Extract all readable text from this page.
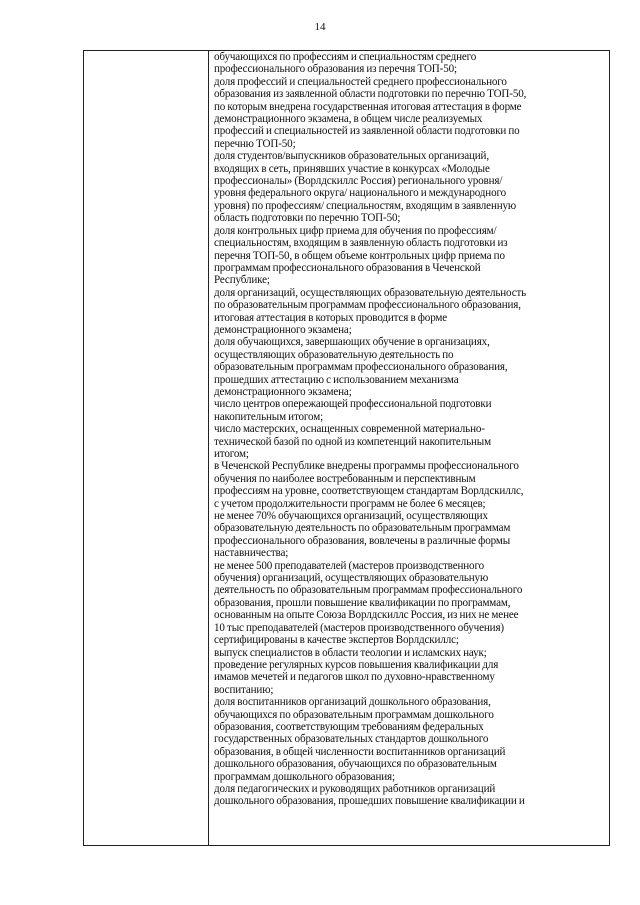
14

обучающихся по профессиям и специальностям среднего
профессионального образования из перечня ТОП-50;
доля профессий и специальностей среднего профессионального
образования из заявленной области подготовки по перечню ТОП-50,
по которым внедрена государственная итоговая аттестация в форме
демонстрационного экзамена, в общем числе реализуемых
профессий и специальностей из заявленной области подготовки по
перечню ТОП-50;
доля студентов/выпускников образовательных организаций,
входящих в сеть, принявших участие в конкурсах «Молодые
профессионалы» (Ворлдскиллс Россия) регионального уровня/
уровня федерального округа/ национального и международного
уровня) по профессиям/ специальностям, входящим в заявленную
область подготовки по перечню ТОП-50;
доля контрольных цифр приема для обучения по профессиям/
специальностям, входящим в заявленную область подготовки из
перечня ТОП-50, в общем объеме контрольных цифр приема по
программам профессионального образования в Чеченской
Республике;
доля организаций, осуществляющих образовательную деятельность
по образовательным программам профессионального образования,
итоговая аттестация в которых проводится в форме
демонстрационного экзамена;
доля обучающихся, завершающих обучение в организациях,
осуществляющих образовательную деятельность по
образовательным программам профессионального образования,
прошедших аттестацию с использованием механизма
демонстрационного экзамена;
число центров опережающей профессиональной подготовки
накопительным итогом;
число мастерских, оснащенных современной материально-
технической базой по одной из компетенций накопительным
итогом;
в Чеченской Республике внедрены программы профессионального
обучения по наиболее востребованным и перспективным
профессиям на уровне, соответствующем стандартам Ворлдскиллс,
с учетом продолжительности программ не более 6 месяцев;
не менее 70% обучающихся организаций, осуществляющих
образовательную деятельность по образовательным программам
профессионального образования, вовлечены в различные формы
наставничества;
не менее 500 преподавателей (мастеров производственного
обучения) организаций, осуществляющих образовательную
деятельность по образовательным программам профессионального
образования, прошли повышение квалификации по программам,
основанным на опыте Союза Ворлдскиллс Россия, из них не менее
10 тыс преподавателей (мастеров производственного обучения)
сертифицированы в качестве экспертов Ворлдскиллс;
выпуск специалистов в области теологии и исламских наук;
проведение регулярных курсов повышения квалификации для
имамов мечетей и педагогов школ по духовно-нравственному
воспитанию;
доля воспитанников организаций дошкольного образования,
обучающихся по образовательным программам дошкольного
образования, соответствующим требованиям федеральных
государственных образовательных стандартов дошкольного
образования, в общей численности воспитанников организаций
дошкольного образования, обучающихся по образовательным
программам дошкольного образования;
доля педагогических и руководящих работников организаций
дошкольного образования, прошедших повышение квалификации и
